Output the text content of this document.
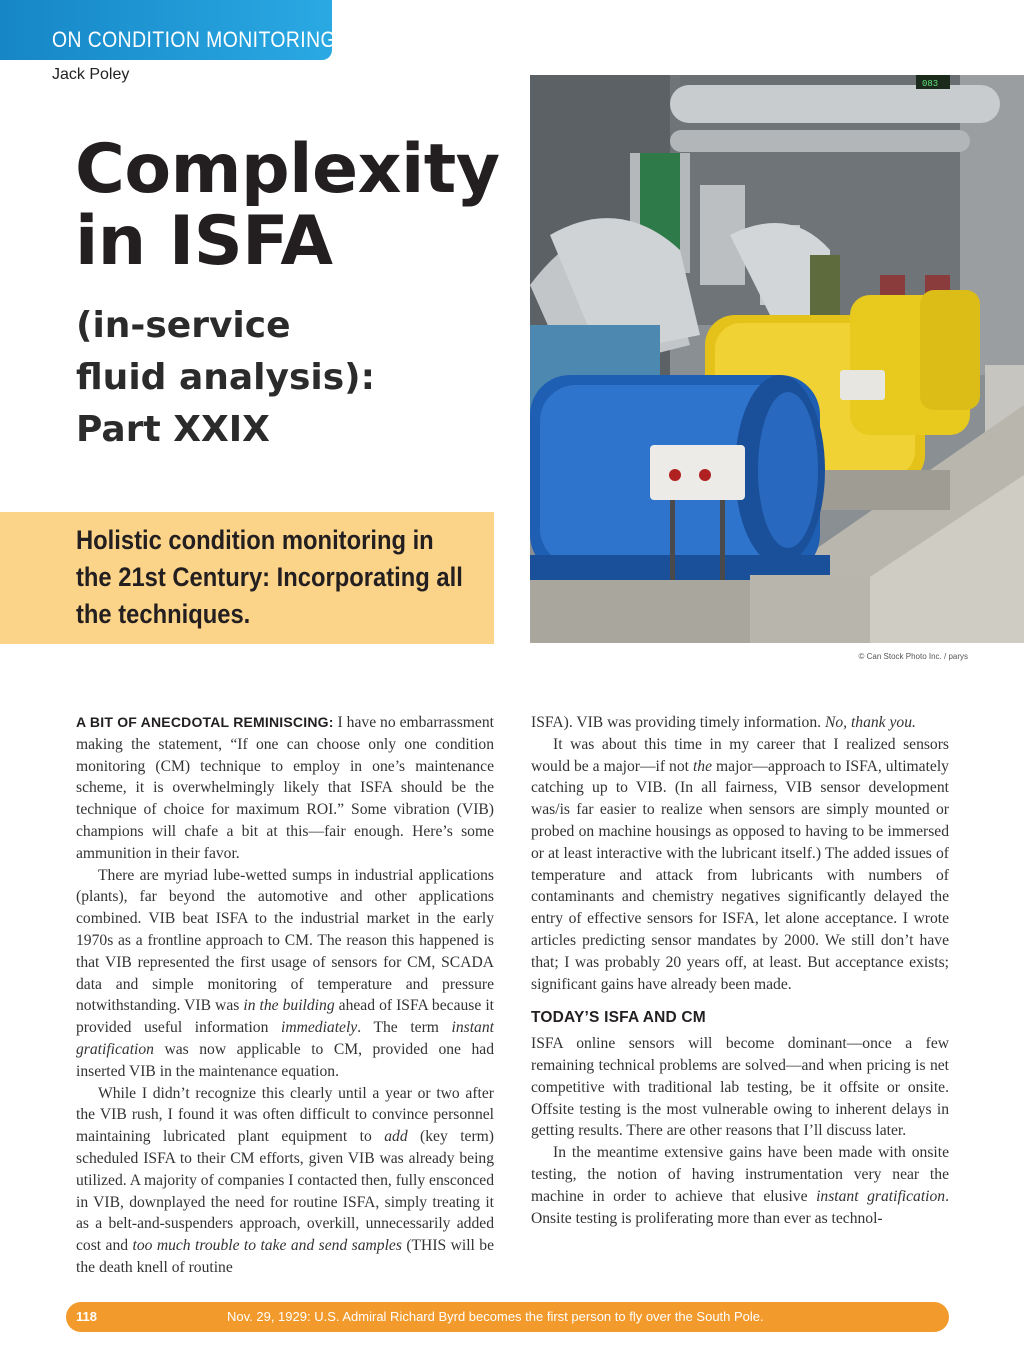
ON CONDITION MONITORING
Jack Poley
Complexity
in ISFA
(in-service
fluid analysis):
Part XXIX
Holistic condition monitoring in the 21st Century: Incorporating all the techniques.
083
© Can Stock Photo Inc. / parys

A BIT OF ANECDOTAL REMINISCING: I have no embarrassment making the statement, “If one can choose only one condition monitoring (CM) technique to employ in one’s maintenance scheme, it is overwhelmingly likely that ISFA should be the technique of choice for maximum ROI.” Some vibration (VIB) champions will chafe a bit at this—fair enough. Here’s some ammunition in their favor.

There are myriad lube-wetted sumps in industrial applications (plants), far beyond the automotive and other applications combined. VIB beat ISFA to the industrial market in the early 1970s as a frontline approach to CM. The reason this happened is that VIB represented the first usage of sensors for CM, SCADA data and simple monitoring of temperature and pressure notwithstanding. VIB was in the building ahead of ISFA because it provided useful information immediately. The term instant gratification was now applicable to CM, provided one had inserted VIB in the maintenance equation.

While I didn’t recognize this clearly until a year or two after the VIB rush, I found it was often difficult to convince personnel maintaining lubricated plant equipment to add (key term) scheduled ISFA to their CM efforts, given VIB was already being utilized. A majority of companies I contacted then, fully ensconced in VIB, downplayed the need for routine ISFA, simply treating it as a belt-and-suspenders approach, overkill, unnecessarily added cost and too much trouble to take and send samples (THIS will be the death knell of routine

ISFA). VIB was providing timely information. No, thank you.

It was about this time in my career that I realized sensors would be a major—if not the major—approach to ISFA, ultimately catching up to VIB. (In all fairness, VIB sensor development was/is far easier to realize when sensors are simply mounted or probed on machine housings as opposed to having to be immersed or at least interactive with the lubricant itself.) The added issues of temperature and attack from lubricants with numbers of contaminants and chemistry negatives significantly delayed the entry of effective sensors for ISFA, let alone acceptance. I wrote articles predicting sensor mandates by 2000. We still don’t have that; I was probably 20 years off, at least. But acceptance exists; significant gains have already been made.

TODAY’S ISFA AND CM

ISFA online sensors will become dominant—once a few remaining technical problems are solved—and when pricing is net competitive with traditional lab testing, be it offsite or onsite. Offsite testing is the most vulnerable owing to inherent delays in getting results. There are other reasons that I’ll discuss later.

In the meantime extensive gains have been made with onsite testing, the notion of having instrumentation very near the machine in order to achieve that elusive instant gratification. Onsite testing is proliferating more than ever as technol-

118	Nov. 29, 1929: U.S. Admiral Richard Byrd becomes the first person to fly over the South Pole.
